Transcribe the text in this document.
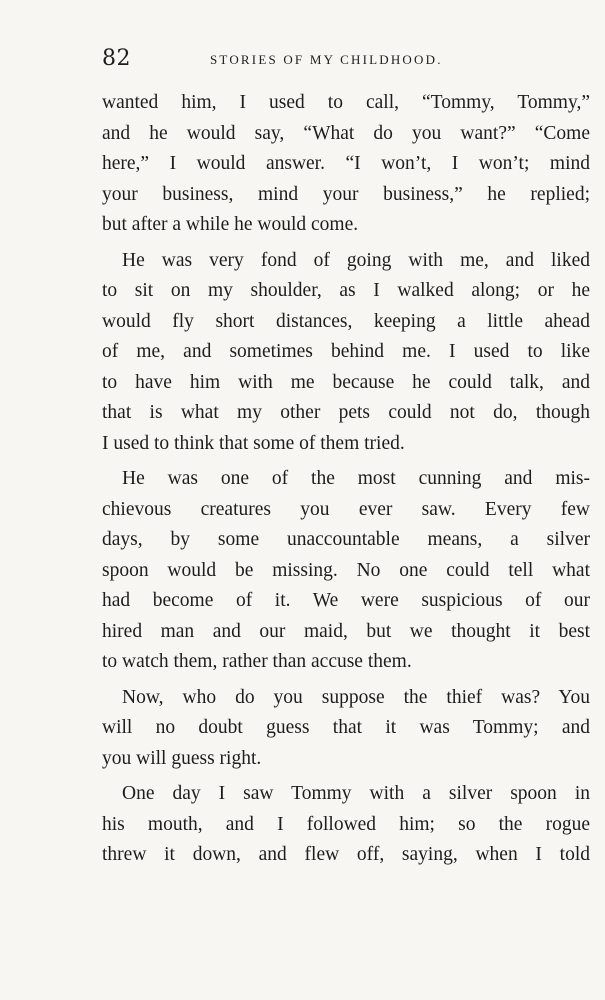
82	STORIES OF MY CHILDHOOD.
wanted him, I used to call, “Tommy, Tommy,”
and he would say, “What do you want?” “Come
here,” I would answer. “I won’t, I won’t; mind
your business, mind your business,” he replied;
but after a while he would come.
He was very fond of going with me, and liked
to sit on my shoulder, as I walked along; or he
would fly short distances, keeping a little ahead
of me, and sometimes behind me. I used to like
to have him with me because he could talk, and
that is what my other pets could not do, though
I used to think that some of them tried.
He was one of the most cunning and mis-
chievous creatures you ever saw. Every few
days, by some unaccountable means, a silver
spoon would be missing. No one could tell what
had become of it. We were suspicious of our
hired man and our maid, but we thought it best
to watch them, rather than accuse them.
Now, who do you suppose the thief was? You
will no doubt guess that it was Tommy; and
you will guess right.
One day I saw Tommy with a silver spoon in
his mouth, and I followed him; so the rogue
threw it down, and flew off, saying, when I told
